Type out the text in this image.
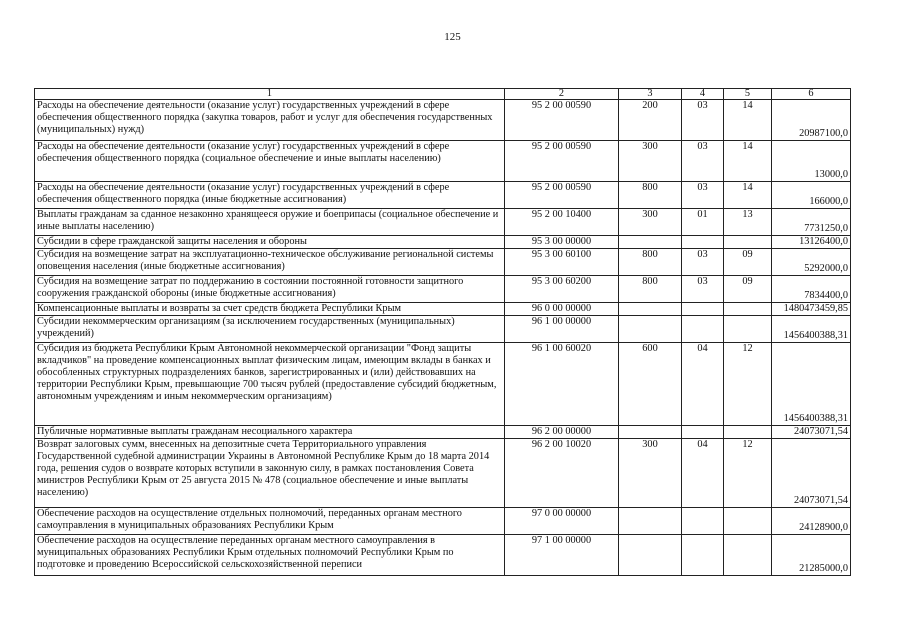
125
1	2	3	4	5	6
Расходы на обеспечение деятельности (оказание услуг) государственных учреждений в сфере обеспечения общественного порядка (закупка товаров, работ и услуг для обеспечения государственных (муниципальных) нужд)	95 2 00 00590	200	03	14	20987100,0
Расходы на обеспечение деятельности (оказание услуг) государственных учреждений в сфере обеспечения общественного порядка (социальное обеспечение и иные выплаты населению)	95 2 00 00590	300	03	14	13000,0
Расходы на обеспечение деятельности (оказание услуг) государственных учреждений в сфере обеспечения общественного порядка (иные бюджетные ассигнования)	95 2 00 00590	800	03	14	166000,0
Выплаты гражданам за сданное незаконно хранящееся оружие и боеприпасы (социальное обеспечение и иные выплаты населению)	95 2 00 10400	300	01	13	7731250,0
Субсидии в сфере гражданской защиты населения и обороны	95 3 00 00000				13126400,0
Субсидия на возмещение затрат на эксплуатационно-техническое обслуживание региональной системы оповещения населения (иные бюджетные ассигнования)	95 3 00 60100	800	03	09	5292000,0
Субсидия на возмещение затрат по поддержанию в состоянии постоянной готовности защитного сооружения гражданской обороны (иные бюджетные ассигнования)	95 3 00 60200	800	03	09	7834400,0
Компенсационные выплаты и возвраты за счет средств бюджета Республики Крым	96 0 00 00000				1480473459,85
Субсидии некоммерческим организациям (за исключением государственных (муниципальных) учреждений)	96 1 00 00000				1456400388,31
Субсидия из бюджета Республики Крым Автономной некоммерческой организации "Фонд защиты вкладчиков" на проведение компенсационных выплат физическим лицам, имеющим вклады в банках и обособленных структурных подразделениях банков, зарегистрированных и (или) действовавших на территории Республики Крым, превышающие 700 тысяч рублей (предоставление субсидий бюджетным, автономным учреждениям и иным некоммерческим организациям)	96 1 00 60020	600	04	12	1456400388,31
Публичные нормативные выплаты гражданам несоциального характера	96 2 00 00000				24073071,54
Возврат залоговых сумм, внесенных на депозитные счета Территориального управления Государственной судебной администрации Украины в Автономной Республике Крым до 18 марта 2014 года, решения судов о возврате которых вступили в законную силу, в рамках постановления Совета министров Республики Крым от 25 августа 2015 № 478 (социальное обеспечение и иные выплаты населению)	96 2 00 10020	300	04	12	24073071,54
Обеспечение расходов на осуществление отдельных полномочий, переданных органам местного самоуправления в муниципальных образованиях Республики Крым	97 0 00 00000				24128900,0
Обеспечение расходов на осуществление переданных органам местного самоуправления в муниципальных образованиях Республики Крым отдельных полномочий Республики Крым по подготовке и проведению Всероссийской сельскохозяйственной переписи	97 1 00 00000				21285000,0
